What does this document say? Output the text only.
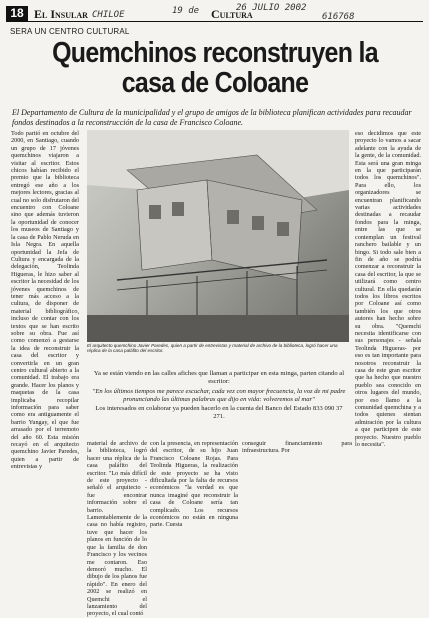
18 El Insular	Cultura
CHILOE	19 de	26 JULIO 2002
616768
SERA UN CENTRO CULTURAL
Quemchinos reconstruyen la
casa de Coloane
El Departamento de Cultura de la municipalidad y el grupo de amigos de la biblioteca planifican actividades para recaudar fondos destinados a la reconstrucción de la casa de Francisco Coloane.
Todo partió en octubre del 2000, en Santiago, cuando un grupo de 17 jóvenes quemchinos viajaron a visitar al escritor. Estos chicos habían recibido el premio que la biblioteca entregó ese año a los mejores lectores, gracias al cual no solo disfrutaron del encuentro con Coloane sino que además tuvieron la oportunidad de conocer los museos de Santiago y la casa de Pablo Neruda en Isla Negra. En aquella oportunidad la Jefa de Cultura y encargada de la delegación, Teolinda Higueras, le hizo saber al escritor la necesidad de los jóvenes quemchinos de tener más acceso a la cultura, de disponer de material bibliográfico, incluso de contar con los textos que se han escrito sobre su obra. Fue así como comenzó a gestarse la idea de reconstruir la casa del escritor y convertirla en un gran centro cultural abierto a la comunidad. El trabajo era grande. Hacer los planos y maquetas de la casa implicaba recopilar información para saber como era antiguamente el barrio Yungay, el que fue arrasado por el terremoto del año 60. Esta misión recayó en el arquitecto quemchino Javier Paredes, quien a partir de entrevistas y
El arquitecto quemchino Javier Paredes, quien a partir de entrevistas y material de archivo de la biblioteca, logró hacer una réplica de la casa paláfito del escritor.

Ya se están viendo en las calles afiches que llaman a participar en esta minga, parten citando al escritor:

"En los últimos tiempos me parece escuchar, cada vez con mayor frecuencia, la voz de mi padre pronunciando las últimas palabras que dijo en vida: volveremos al mar"

Los interesados en colaborar ya pueden hacerlo en la cuenta del Banco del Estado 833 090 37 271.

material de archivo de la biblioteca, logró hacer una réplica de la casa paláfito del escritor. "Lo más difícil de este proyecto - señaló el arquitecto - fue encontrar información sobre el barrio. Lamentablemente de la casa no había registro, tuve que hacer los planos en función de lo que la familia de don Francisco y los vecinos me contaron. Eso demoró mucho. El dibujo de los planos fue rápido". En enero del 2002 se realizó en Quemchi el lanzamiento del proyecto, el cual contó
con la presencia, en representación del escritor, de su hijo Juan Francisco Coloane Rojas. Para Teolinda Higueras, la realización de este proyecto se ha visto dificultada por la falta de recursos económicos "la verdad es que nunca imaginé que reconstruir la casa de Coloane sería tan complicado. Los recursos económicos no están en ninguna parte. Cuesta
conseguir financiamiento para infraestructura. Por
eso decidimos que este proyecto lo vamos a sacar adelante con la ayuda de la gente, de la comunidad. Esta será una gran minga en la que participarán todos los quemchinos". Para ello, los organizadores se encuentran planificando varias actividades destinadas a recaudar fondos para la minga, entre las que se contemplan un festival ranchero bailable y un bingo. Si todo sale bien a fin de año se podría comenzar a reconstruir la casa del escritor, la que se utilizará como centro cultural. En ella quedarán todos los libros escritos por Coloane así como también los que otros autores han hecho sobre su obra. "Quemchi necesita identificarse con sus personajes - señala Teolinda Higueras- por eso es tan importante para nosotros reconstruir la casa de este gran escritor que ha hecho que nuestro pueblo sea conocido en otros lugares del mundo, por eso llamo a la comunidad quemchina y a todos quienes sientan admiración por la cultura a que participen de este proyecto. Nuestro pueblo lo necesita".
